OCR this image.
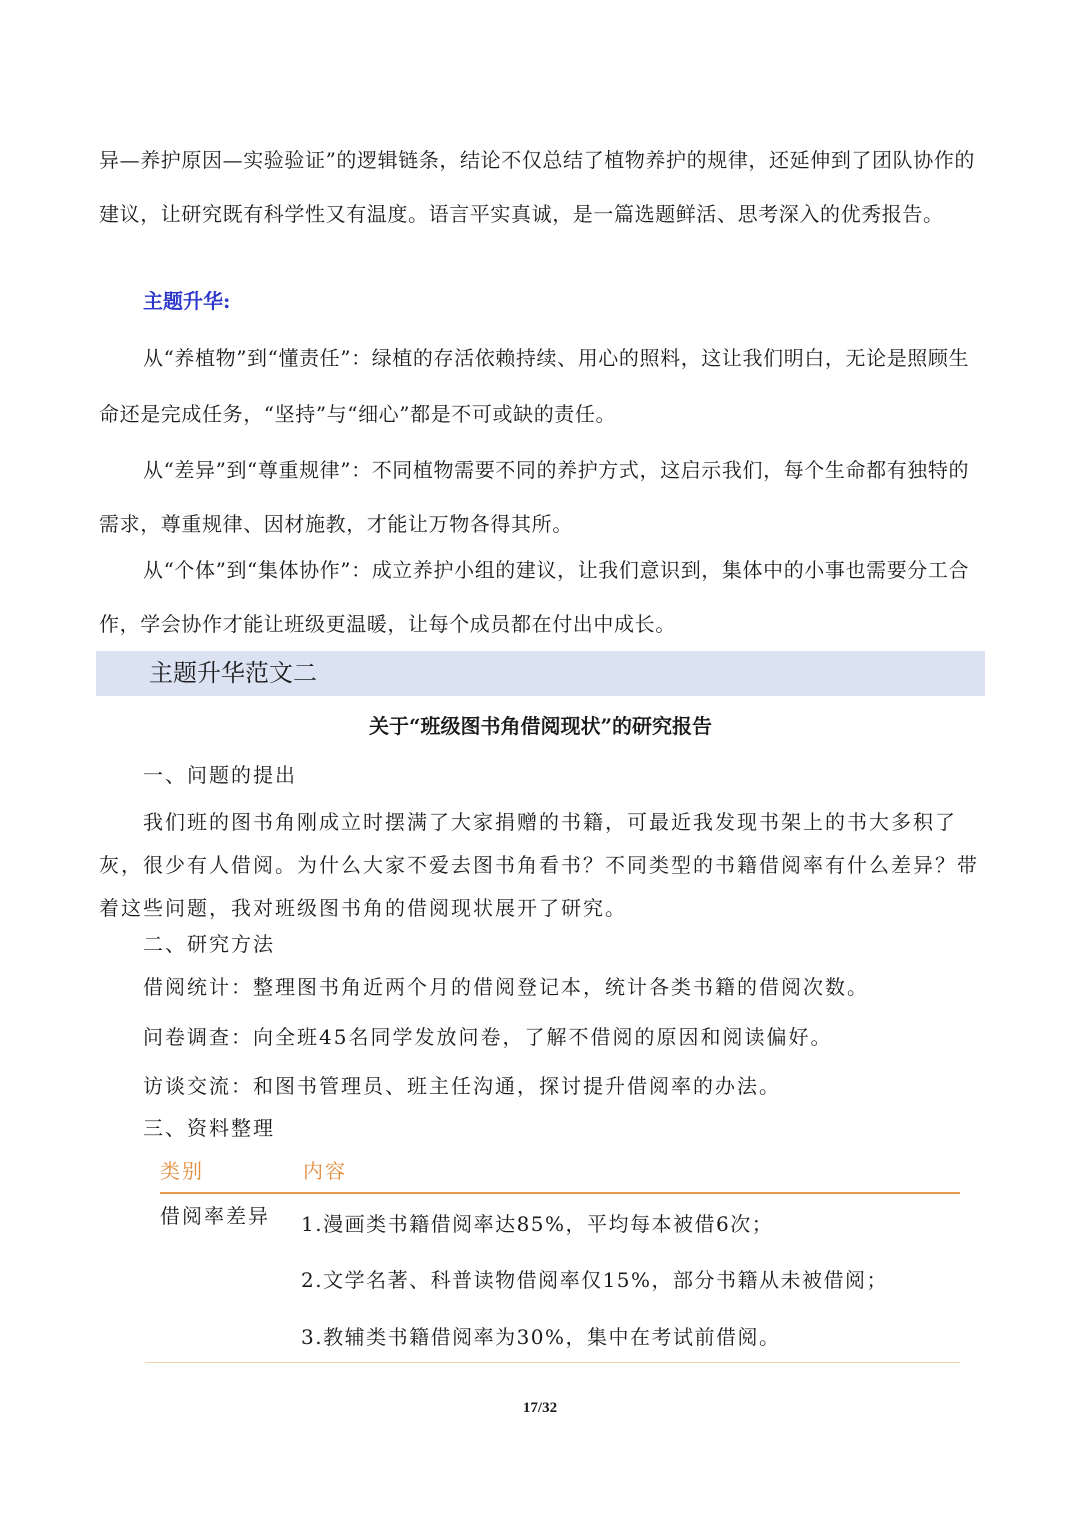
异—养护原因—实验验证”的逻辑链条，结论不仅总结了植物养护的规律，还延伸到了团队协作的建议，让研究既有科学性又有温度。语言平实真诚，是一篇选题鲜活、思考深入的优秀报告。

主题升华:

从“养植物”到“懂责任”：绿植的存活依赖持续、用心的照料，这让我们明白，无论是照顾生命还是完成任务，“坚持”与“细心”都是不可或缺的责任。

从“差异”到“尊重规律”：不同植物需要不同的养护方式，这启示我们，每个生命都有独特的需求，尊重规律、因材施教，才能让万物各得其所。

从“个体”到“集体协作”：成立养护小组的建议，让我们意识到，集体中的小事也需要分工合作，学会协作才能让班级更温暖，让每个成员都在付出中成长。

主题升华范文二

关于“班级图书角借阅现状”的研究报告

一、问题的提出

我们班的图书角刚成立时摆满了大家捐赠的书籍，可最近我发现书架上的书大多积了灰，很少有人借阅。为什么大家不爱去图书角看书？不同类型的书籍借阅率有什么差异？带着这些问题，我对班级图书角的借阅现状展开了研究。

二、研究方法

借阅统计：整理图书角近两个月的借阅登记本，统计各类书籍的借阅次数。

问卷调查：向全班45名同学发放问卷，了解不借阅的原因和阅读偏好。

访谈交流：和图书管理员、班主任沟通，探讨提升借阅率的办法。

三、资料整理

类别	内容
借阅率差异 1.漫画类书籍借阅率达85%，平均每本被借6次；

2.文学名著、科普读物借阅率仅15%，部分书籍从未被借阅；

3.教辅类书籍借阅率为30%，集中在考试前借阅。

17/32
